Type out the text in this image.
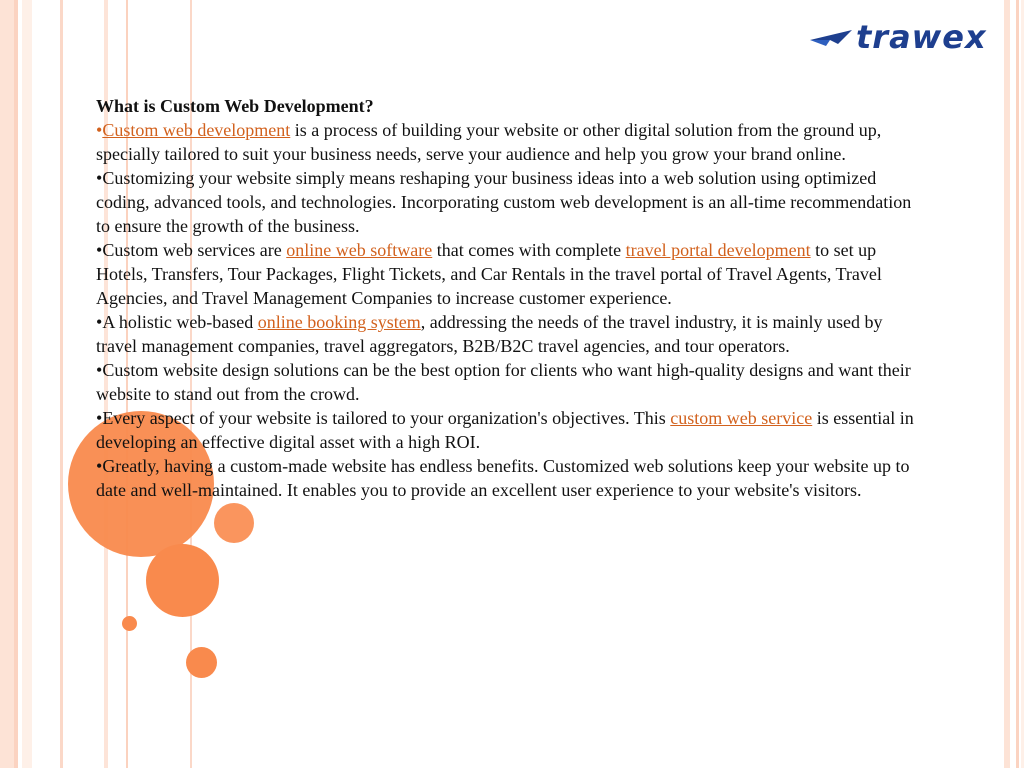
trawex

What is Custom Web Development?

•Custom web development is a process of building your website or other digital solution from the ground up, specially tailored to suit your business needs, serve your audience and help you grow your brand online.

•Customizing your website simply means reshaping your business ideas into a web solution using optimized coding, advanced tools, and technologies. Incorporating custom web development is an all-time recommendation to ensure the growth of the business.

•Custom web services are online web software that comes with complete travel portal development to set up Hotels, Transfers, Tour Packages, Flight Tickets, and Car Rentals in the travel portal of Travel Agents, Travel Agencies, and Travel Management Companies to increase customer experience.

•A holistic web-based online booking system, addressing the needs of the travel industry, it is mainly used by travel management companies, travel aggregators, B2B/B2C travel agencies, and tour operators.

•Custom website design solutions can be the best option for clients who want high-quality designs and want their website to stand out from the crowd.

•Every aspect of your website is tailored to your organization's objectives. This custom web service is essential in developing an effective digital asset with a high ROI.

•Greatly, having a custom-made website has endless benefits. Customized web solutions keep your website up to date and well-maintained. It enables you to provide an excellent user experience to your website's visitors.
